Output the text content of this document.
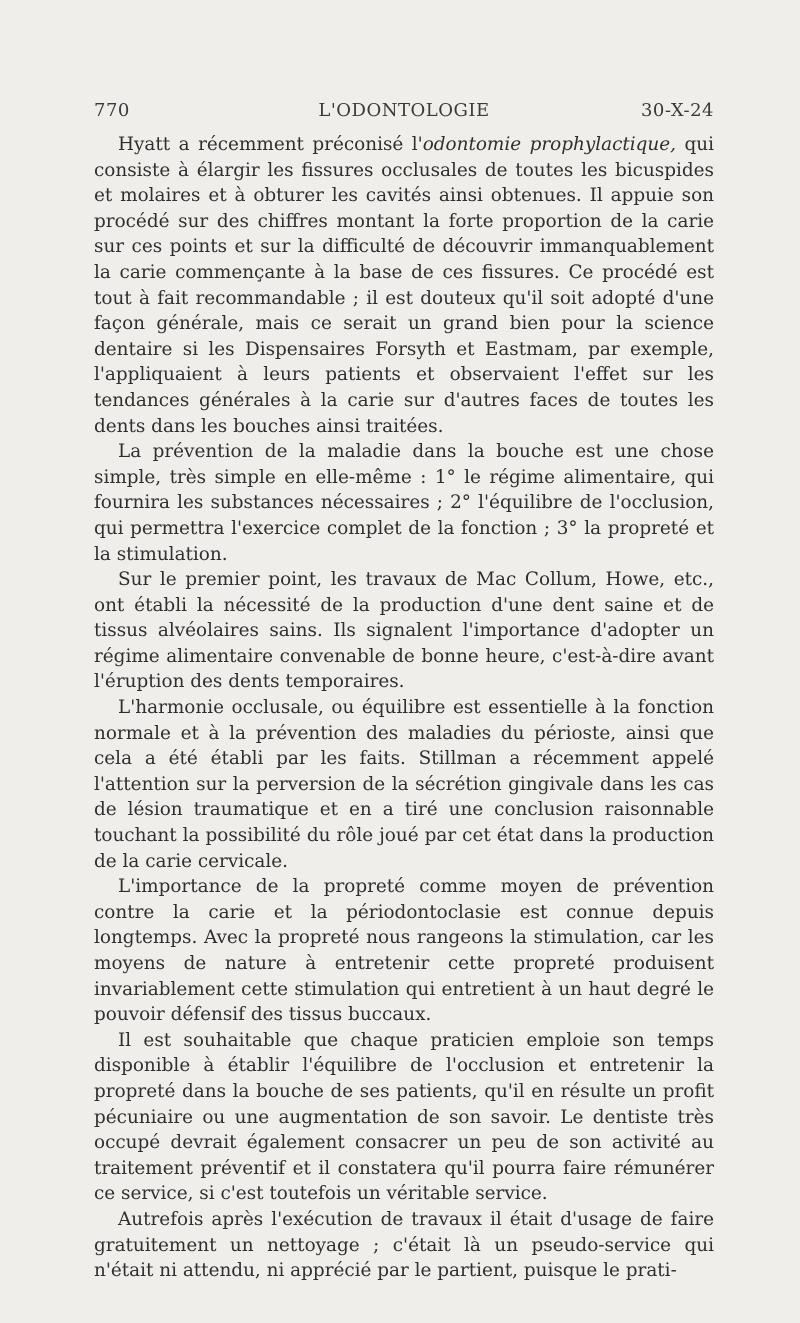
770	L'ODONTOLOGIE	30-X-24

Hyatt a récemment préconisé l'odontomie prophylactique, qui consiste à élargir les fissures occlusales de toutes les bicuspides et molaires et à obturer les cavités ainsi obtenues. Il appuie son procédé sur des chiffres montant la forte proportion de la carie sur ces points et sur la difficulté de découvrir immanquablement la carie commençante à la base de ces fissures. Ce procédé est tout à fait recommandable ; il est douteux qu'il soit adopté d'une façon générale, mais ce serait un grand bien pour la science dentaire si les Dispensaires Forsyth et Eastmam, par exemple, l'appliquaient à leurs patients et observaient l'effet sur les tendances générales à la carie sur d'autres faces de toutes les dents dans les bouches ainsi traitées.

La prévention de la maladie dans la bouche est une chose simple, très simple en elle-même : 1° le régime alimentaire, qui fournira les substances nécessaires ; 2° l'équilibre de l'occlusion, qui permettra l'exercice complet de la fonction ; 3° la propreté et la stimulation.

Sur le premier point, les travaux de Mac Collum, Howe, etc., ont établi la nécessité de la production d'une dent saine et de tissus alvéolaires sains. Ils signalent l'importance d'adopter un régime alimentaire convenable de bonne heure, c'est-à-dire avant l'éruption des dents temporaires.

L'harmonie occlusale, ou équilibre est essentielle à la fonction normale et à la prévention des maladies du périoste, ainsi que cela a été établi par les faits. Stillman a récemment appelé l'attention sur la perversion de la sécrétion gingivale dans les cas de lésion traumatique et en a tiré une conclusion raisonnable touchant la possibilité du rôle joué par cet état dans la production de la carie cervicale.

L'importance de la propreté comme moyen de prévention contre la carie et la périodontoclasie est connue depuis longtemps. Avec la propreté nous rangeons la stimulation, car les moyens de nature à entretenir cette propreté produisent invariablement cette stimulation qui entretient à un haut degré le pouvoir défensif des tissus buccaux.

Il est souhaitable que chaque praticien emploie son temps disponible à établir l'équilibre de l'occlusion et entretenir la propreté dans la bouche de ses patients, qu'il en résulte un profit pécuniaire ou une augmentation de son savoir. Le dentiste très occupé devrait également consacrer un peu de son activité au traitement préventif et il constatera qu'il pourra faire rémunérer ce service, si c'est toutefois un véritable service.

Autrefois après l'exécution de travaux il était d'usage de faire gratuitement un nettoyage ; c'était là un pseudo-service qui n'était ni attendu, ni apprécié par le partient, puisque le prati-
